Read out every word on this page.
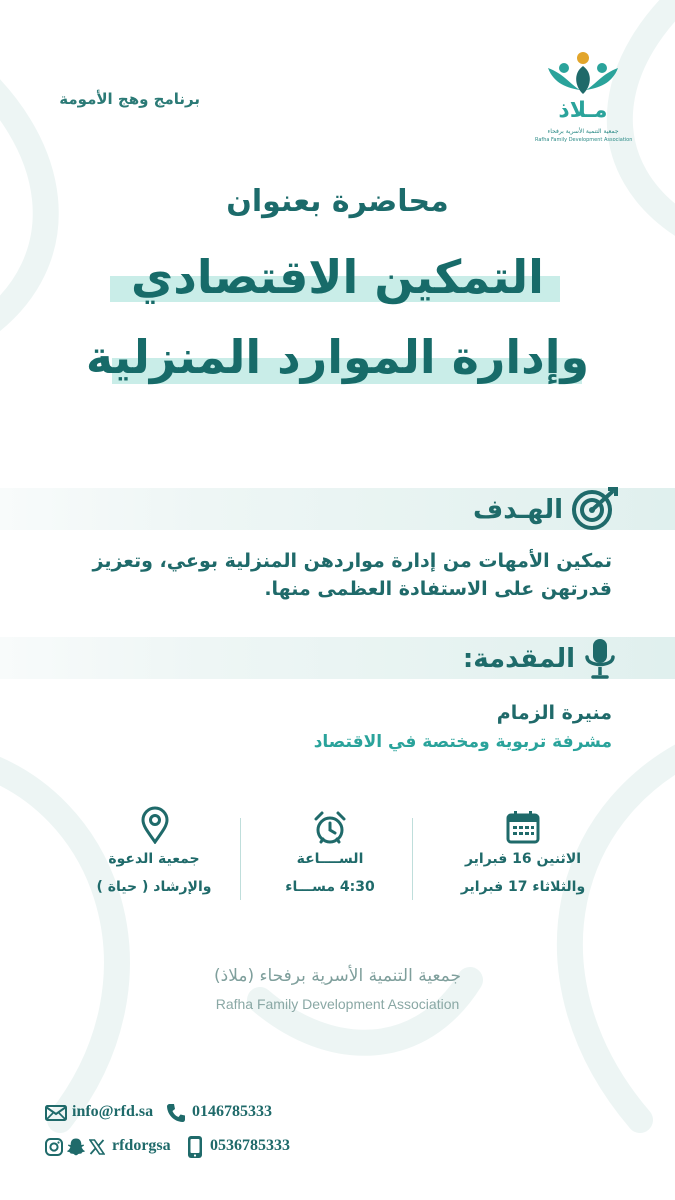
برنامج وهج الأمومة	مـلاذ
جمعية التنمية الأسرية برفحاء
Rafha Family Development Association
محاضرة بعنوان
التمكين الاقتصادي
وإدارة الموارد المنزلية
الهـدف
تمكين الأمهات من إدارة مواردهن المنزلية بوعي، وتعزيز
قدرتهن على الاستفادة العظمى منها.
المقدمة:
منيرة الزمام
مشرفة تربوية ومختصة في الاقتصاد
الاثنين 16 فبراير
والثلاثاء 17 فبراير
الســــاعة
4:30 مســـاء
جمعية الدعوة
والإرشاد ( حياة )
جمعية التنمية الأسرية برفحاء (ملاذ)
Rafha Family Development Association
info@rfd.sa 0146785333
rfdorgsa 0536785333
